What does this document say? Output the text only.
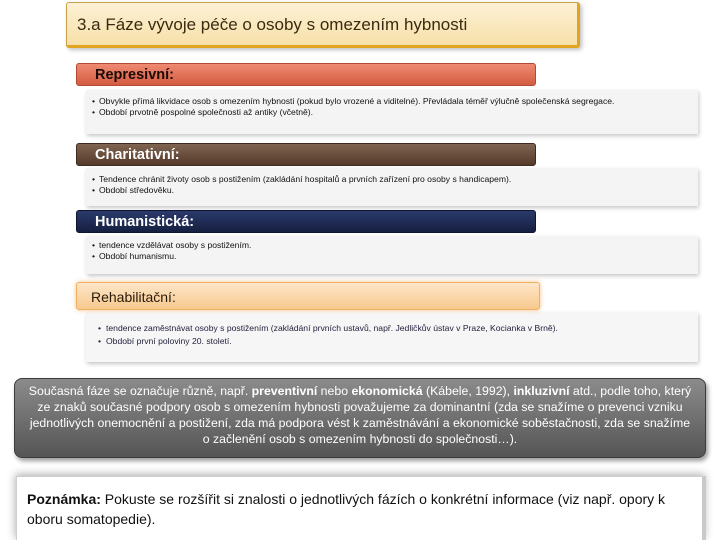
3.a Fáze vývoje péče o osoby s omezením hybnosti
• Obvykle přímá likvidace osob s omezením hybnosti (pokud bylo vrozené a viditelné). Převládala téměř výlučně společenská segregace.
• Období prvotně pospolné společnosti až antiky (včetně).
Represivní:
• Tendence chránit životy osob s postižením (zakládání hospitalů a prvních zařízení pro osoby s handicapem).
• Období středověku.
Charitativní:
• tendence vzdělávat osoby s postižením.
• Období humanismu.
Humanistická:
• tendence zaměstnávat osoby s postižením (zakládání prvních ustavů, např. Jedličkův ústav v Praze, Kocianka v Brně).
• Období první poloviny 20. století.
Rehabilitační:
Současná fáze se označuje různě, např. preventivní nebo ekonomická (Kábele, 1992), inkluzivní atd., podle toho, který ze znaků současné podpory osob s omezením hybnosti považujeme za dominantní (zda se snažíme o prevenci vzniku jednotlivých onemocnění a postižení, zda má podpora vést k zaměstnávání a ekonomické soběstačnosti, zda se snažíme o začlenění osob s omezením hybnosti do společnosti…).
Poznámka: Pokuste se rozšířit si znalosti o jednotlivých fázích o konkrétní informace (viz např. opory k oboru somatopedie).
